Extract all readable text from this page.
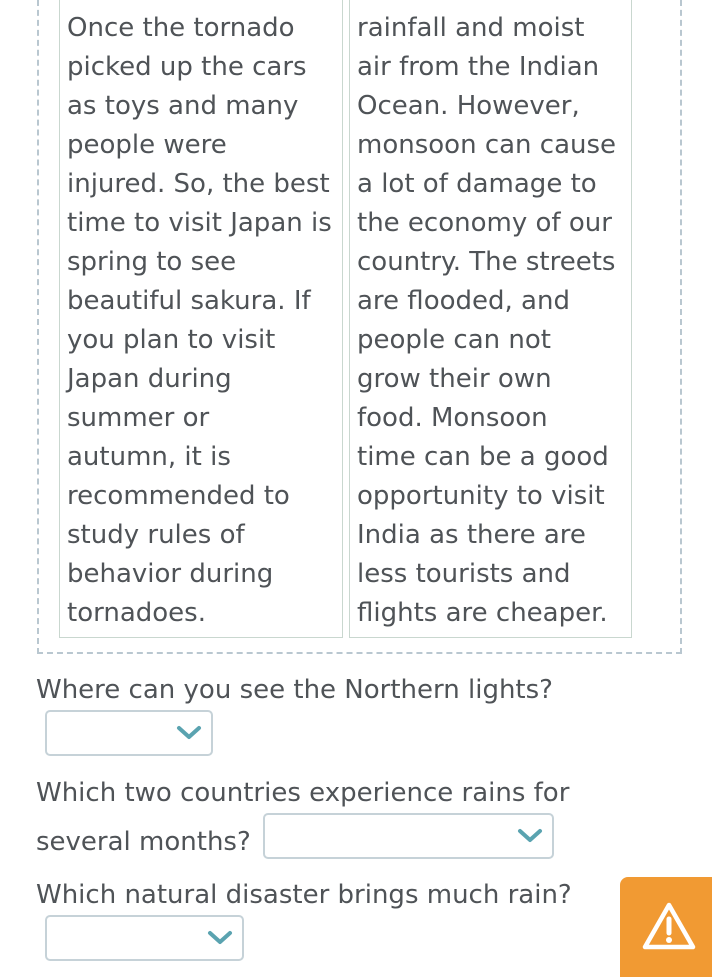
Once the tornado
picked up the cars
as toys and many
people were
injured. So, the best
time to visit Japan is
spring to see
beautiful sakura. If
you plan to visit
Japan during
summer or
autumn, it is
recommended to
study rules of
behavior during
tornadoes.
rainfall and moist
air from the Indian
Ocean. However,
monsoon can cause
a lot of damage to
the economy of our
country. The streets
are flooded, and
people can not
grow their own
food. Monsoon
time can be a good
opportunity to visit
India as there are
less tourists and
flights are cheaper.
Where can you see the Northern lights?
Which two countries experience rains for
several months?
Which natural disaster brings much rain?
